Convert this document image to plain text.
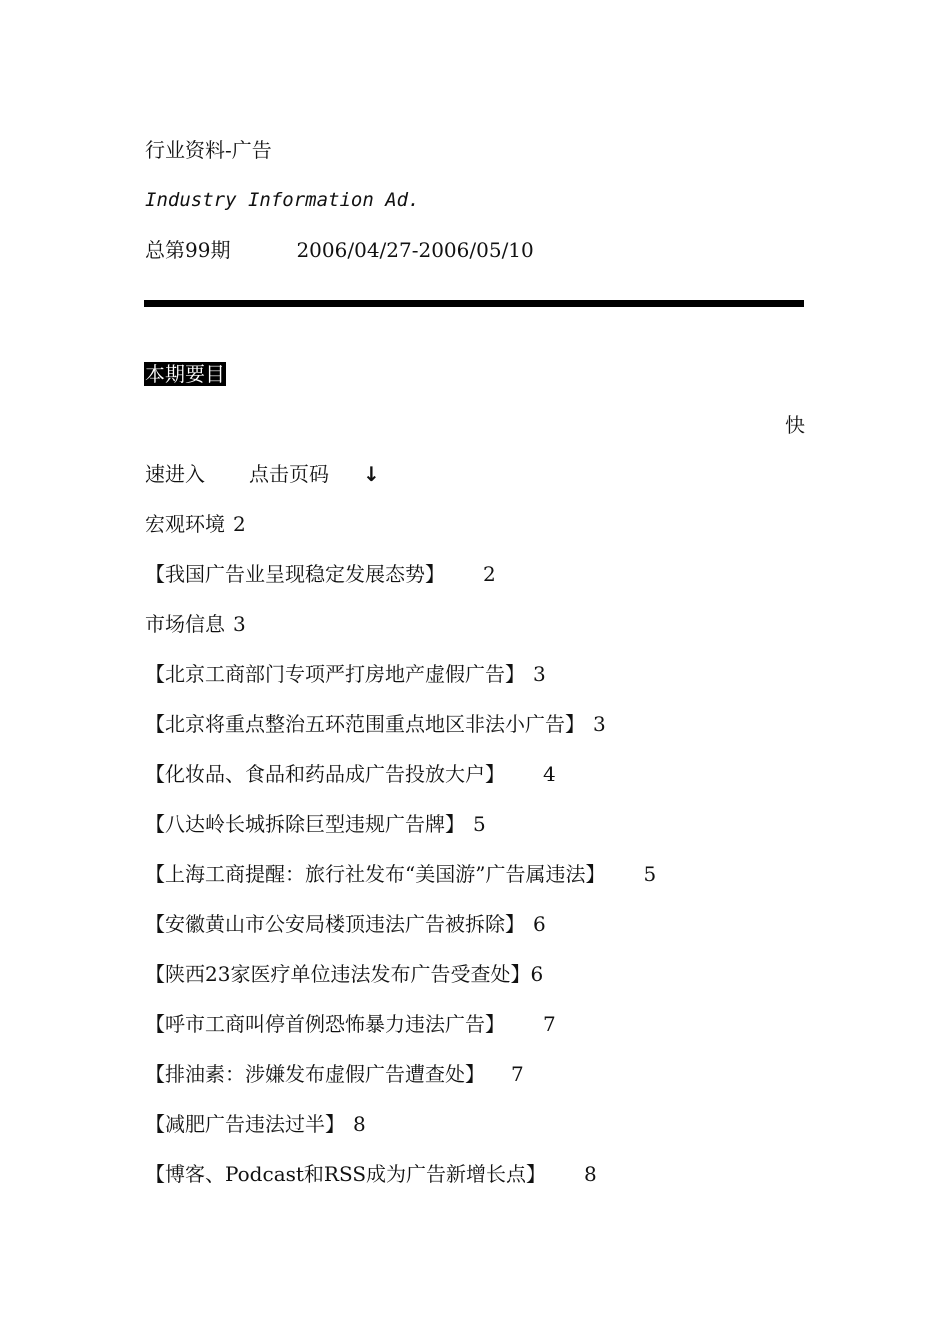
行业资料-广告
Industry Information Ad.
总第99期	2006/04/27-2006/05/10
本期要目
快
速进入 点击页码 ↓
宏观环境 2
【我国广告业呈现稳定发展态势】 2
市场信息 3
【北京工商部门专项严打房地产虚假广告】 3
【北京将重点整治五环范围重点地区非法小广告】 3
【化妆品、食品和药品成广告投放大户】 4
【八达岭长城拆除巨型违规广告牌】 5
【上海工商提醒：旅行社发布“美国游”广告属违法】 5
【安徽黄山市公安局楼顶违法广告被拆除】 6
【陕西23家医疗单位违法发布广告受查处】6
【呼市工商叫停首例恐怖暴力违法广告】 7
【排油素：涉嫌发布虚假广告遭查处】 7
【减肥广告违法过半】 8
【博客、Podcast和RSS成为广告新增长点】 8
